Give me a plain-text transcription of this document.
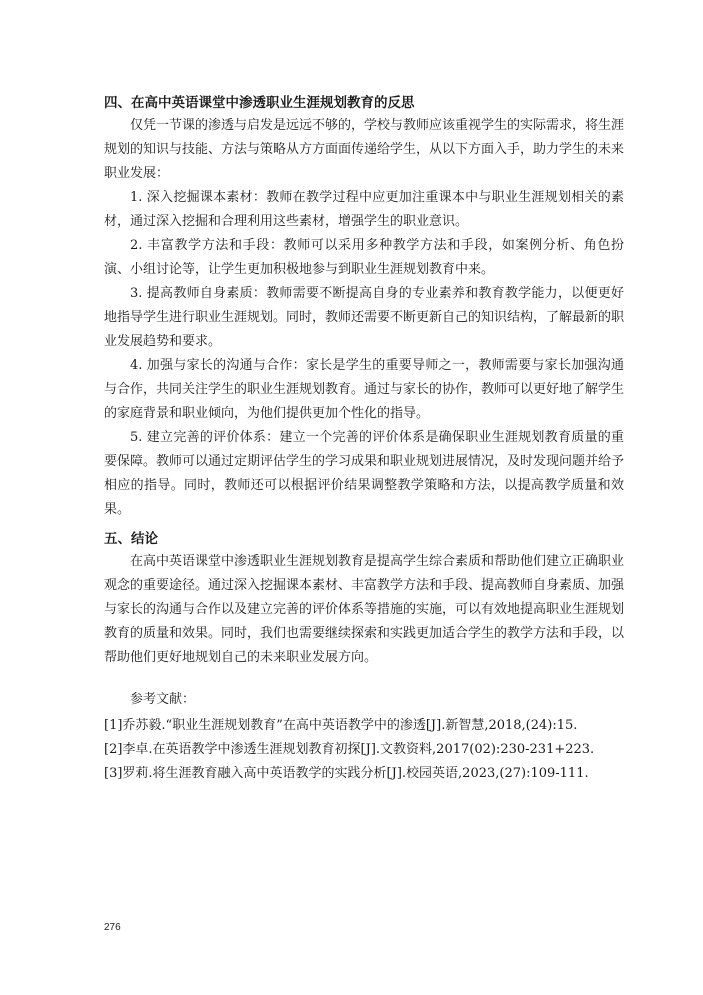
四、在高中英语课堂中渗透职业生涯规划教育的反思

仅凭一节课的渗透与启发是远远不够的，学校与教师应该重视学生的实际需求，将生涯规划的知识与技能、方法与策略从方方面面传递给学生，从以下方面入手，助力学生的未来职业发展：

1. 深入挖掘课本素材：教师在教学过程中应更加注重课本中与职业生涯规划相关的素材，通过深入挖掘和合理利用这些素材，增强学生的职业意识。

2. 丰富教学方法和手段：教师可以采用多种教学方法和手段，如案例分析、角色扮演、小组讨论等，让学生更加积极地参与到职业生涯规划教育中来。

3. 提高教师自身素质：教师需要不断提高自身的专业素养和教育教学能力，以便更好地指导学生进行职业生涯规划。同时，教师还需要不断更新自己的知识结构，了解最新的职业发展趋势和要求。

4. 加强与家长的沟通与合作：家长是学生的重要导师之一，教师需要与家长加强沟通与合作，共同关注学生的职业生涯规划教育。通过与家长的协作，教师可以更好地了解学生的家庭背景和职业倾向，为他们提供更加个性化的指导。

5. 建立完善的评价体系：建立一个完善的评价体系是确保职业生涯规划教育质量的重要保障。教师可以通过定期评估学生的学习成果和职业规划进展情况，及时发现问题并给予相应的指导。同时，教师还可以根据评价结果调整教学策略和方法，以提高教学质量和效果。

五、结论

在高中英语课堂中渗透职业生涯规划教育是提高学生综合素质和帮助他们建立正确职业观念的重要途径。通过深入挖掘课本素材、丰富教学方法和手段、提高教师自身素质、加强与家长的沟通与合作以及建立完善的评价体系等措施的实施，可以有效地提高职业生涯规划教育的质量和效果。同时，我们也需要继续探索和实践更加适合学生的教学方法和手段，以帮助他们更好地规划自己的未来职业发展方向。

参考文献：

[1]乔苏毅.“职业生涯规划教育”在高中英语教学中的渗透[J].新智慧,2018,(24):15.
[2]李卓.在英语教学中渗透生涯规划教育初探[J].文教资料,2017(02):230-231+223.
[3]罗莉.将生涯教育融入高中英语教学的实践分析[J].校园英语,2023,(27):109-111.
276
